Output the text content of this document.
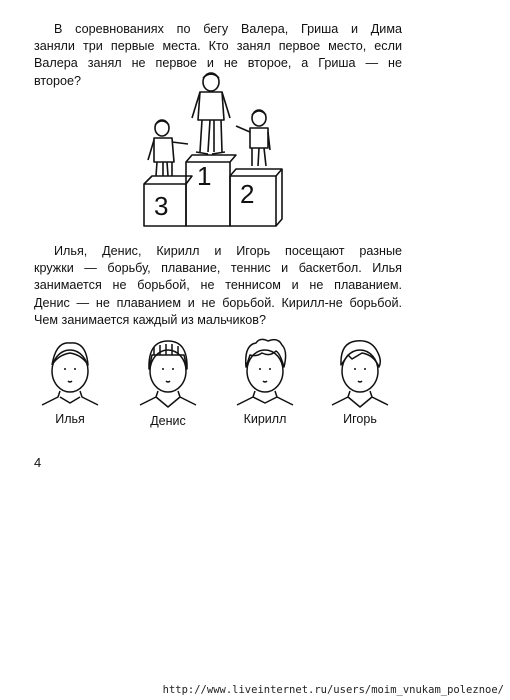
В соревнованиях по бегу Валера, Гриша и Дима
заняли три первые места. Кто занял первое место, если
Валера занял не первое и не второе, а Гриша — не
второе?

1
2
3

Илья, Денис, Кирилл и Игорь посещают разные
кружки — борьбу, плавание, теннис и баскетбол. Илья
занимается не борьбой, не теннисом и не плаванием.
Денис — не плаванием и не борьбой. Кирилл-не борьбой.
Чем занимается каждый из мальчиков?

Илья	Денис	Кирилл	Игорь
4
http://www.liveinternet.ru/users/moim_vnukam_poleznoe/
